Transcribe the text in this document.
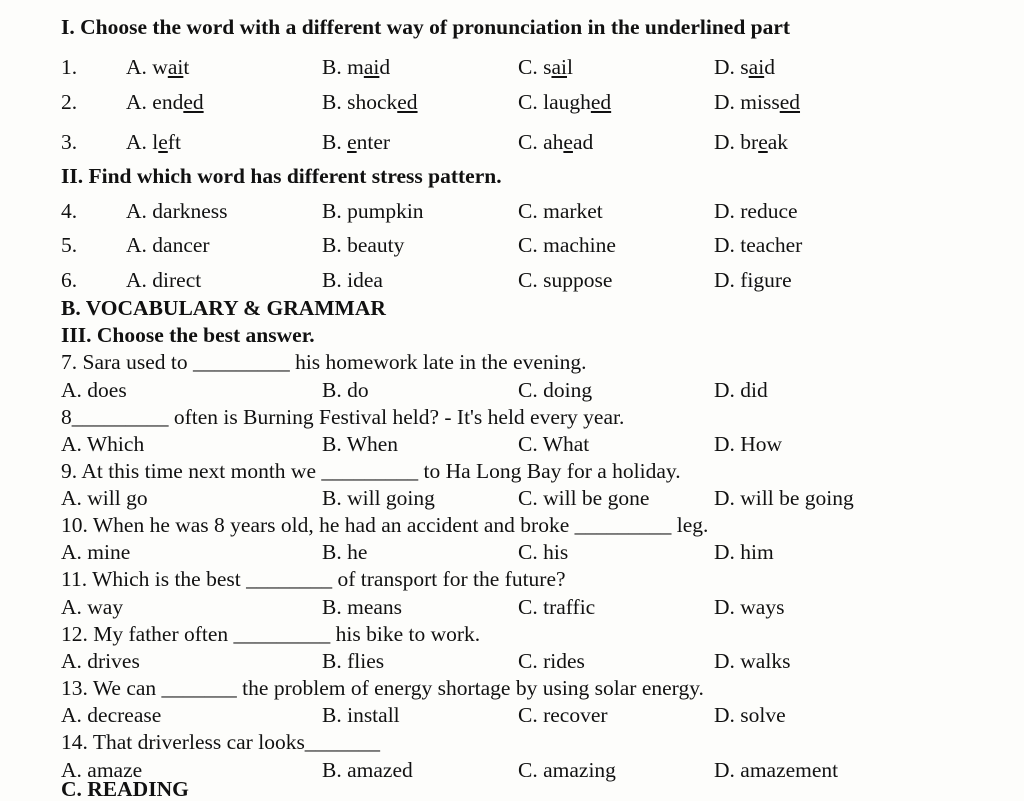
I. Choose the word with a different way of pronunciation in the underlined part
1. A. wait	B. maid	C. sail	D. said
2. A. ended	B. shocked	C. laughed	D. missed
3. A. left	B. enter	C. ahead	D. break
II. Find which word has different stress pattern.
4. A. darkness	B. pumpkin	C. market	D. reduce
5. A. dancer	B. beauty	C. machine	D. teacher
6. A. direct	B. idea	C. suppose	D. figure
B. VOCABULARY & GRAMMAR
III. Choose the best answer.
7. Sara used to _________ his homework late in the evening.
A. does	B. do	C. doing	D. did
8_________ often is Burning Festival held? - It's held every year.
A. Which	B. When	C. What	D. How
9. At this time next month we _________ to Ha Long Bay for a holiday.
A. will go	B. will going	C. will be gone	D. will be going
10. When he was 8 years old, he had an accident and broke _________ leg.
A. mine	B. he	C. his	D. him
11. Which is the best ________ of transport for the future?
A. way	B. means	C. traffic	D. ways
12. My father often _________ his bike to work.
A. drives	B. flies	C. rides	D. walks
13. We can _______ the problem of energy shortage by using solar energy.
A. decrease	B. install	C. recover	D. solve
14. That driverless car looks_______
A. amaze	B. amazed	C. amazing	D. amazement
C. READING
